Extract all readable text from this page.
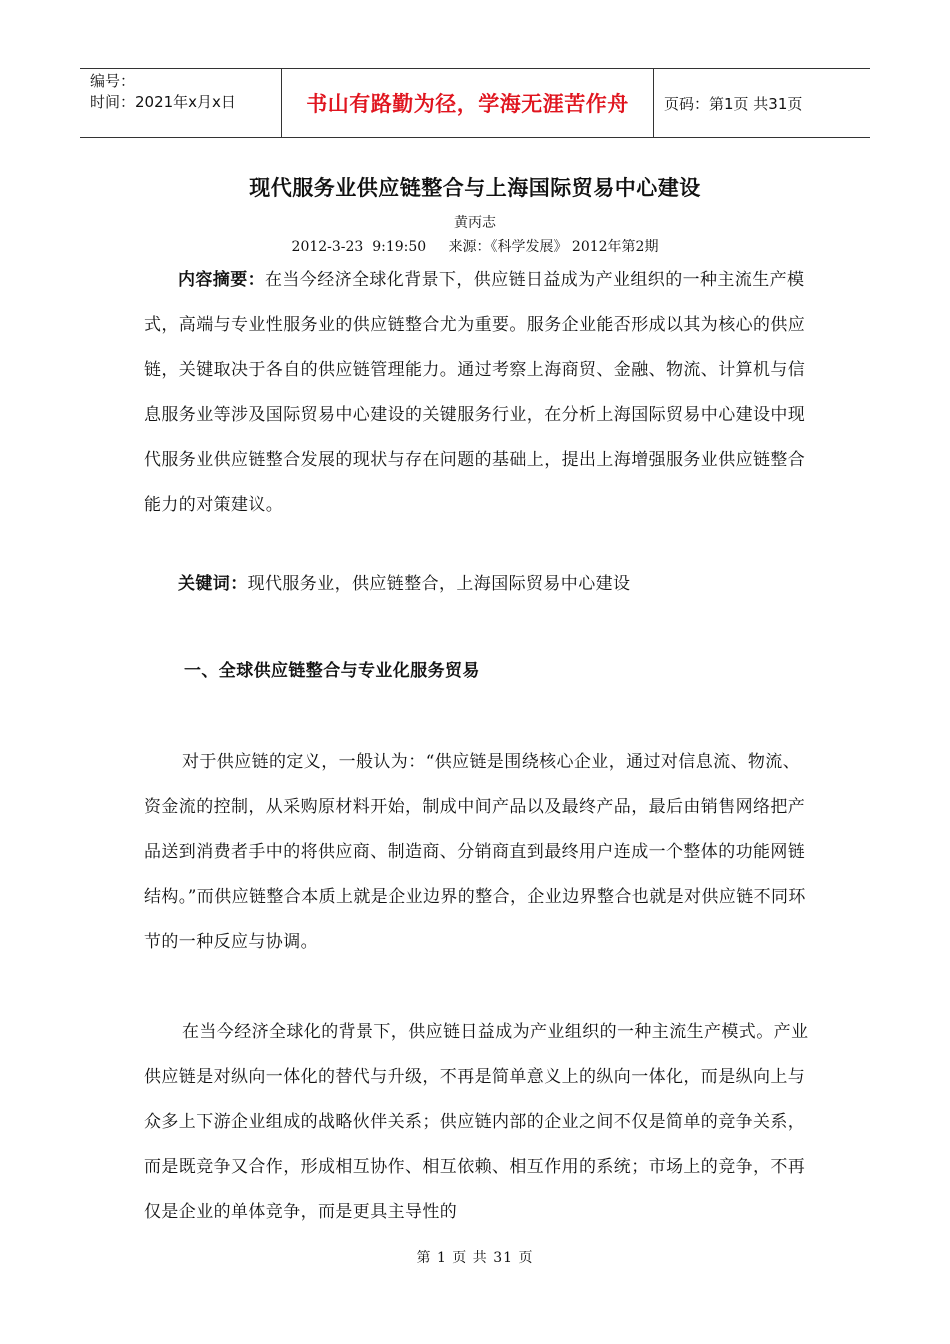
编号：
时间：2021年x月x日	书山有路勤为径，学海无涯苦作舟 页码：第1页 共31页
现代服务业供应链整合与上海国际贸易中心建设
黄丙志
2012-3-23  9:19:50     来源：《科学发展》 2012年第2期
内容摘要：在当今经济全球化背景下，供应链日益成为产业组织的一种主流生产模式，高端与专业性服务业的供应链整合尤为重要。服务企业能否形成以其为核心的供应链，关键取决于各自的供应链管理能力。通过考察上海商贸、金融、物流、计算机与信息服务业等涉及国际贸易中心建设的关键服务行业，在分析上海国际贸易中心建设中现代服务业供应链整合发展的现状与存在问题的基础上，提出上海增强服务业供应链整合能力的对策建议。
关键词：现代服务业，供应链整合，上海国际贸易中心建设
一、全球供应链整合与专业化服务贸易
对于供应链的定义，一般认为：“供应链是围绕核心企业，通过对信息流、物流、资金流的控制，从采购原材料开始，制成中间产品以及最终产品，最后由销售网络把产品送到消费者手中的将供应商、制造商、分销商直到最终用户连成一个整体的功能网链结构。”而供应链整合本质上就是企业边界的整合，企业边界整合也就是对供应链不同环节的一种反应与协调。
在当今经济全球化的背景下，供应链日益成为产业组织的一种主流生产模式。产业供应链是对纵向一体化的替代与升级，不再是简单意义上的纵向一体化，而是纵向上与众多上下游企业组成的战略伙伴关系；供应链内部的企业之间不仅是简单的竞争关系，而是既竞争又合作，形成相互协作、相互依赖、相互作用的系统；市场上的竞争，不再仅是企业的单体竞争，而是更具主导性的
第 1 页 共 31 页
